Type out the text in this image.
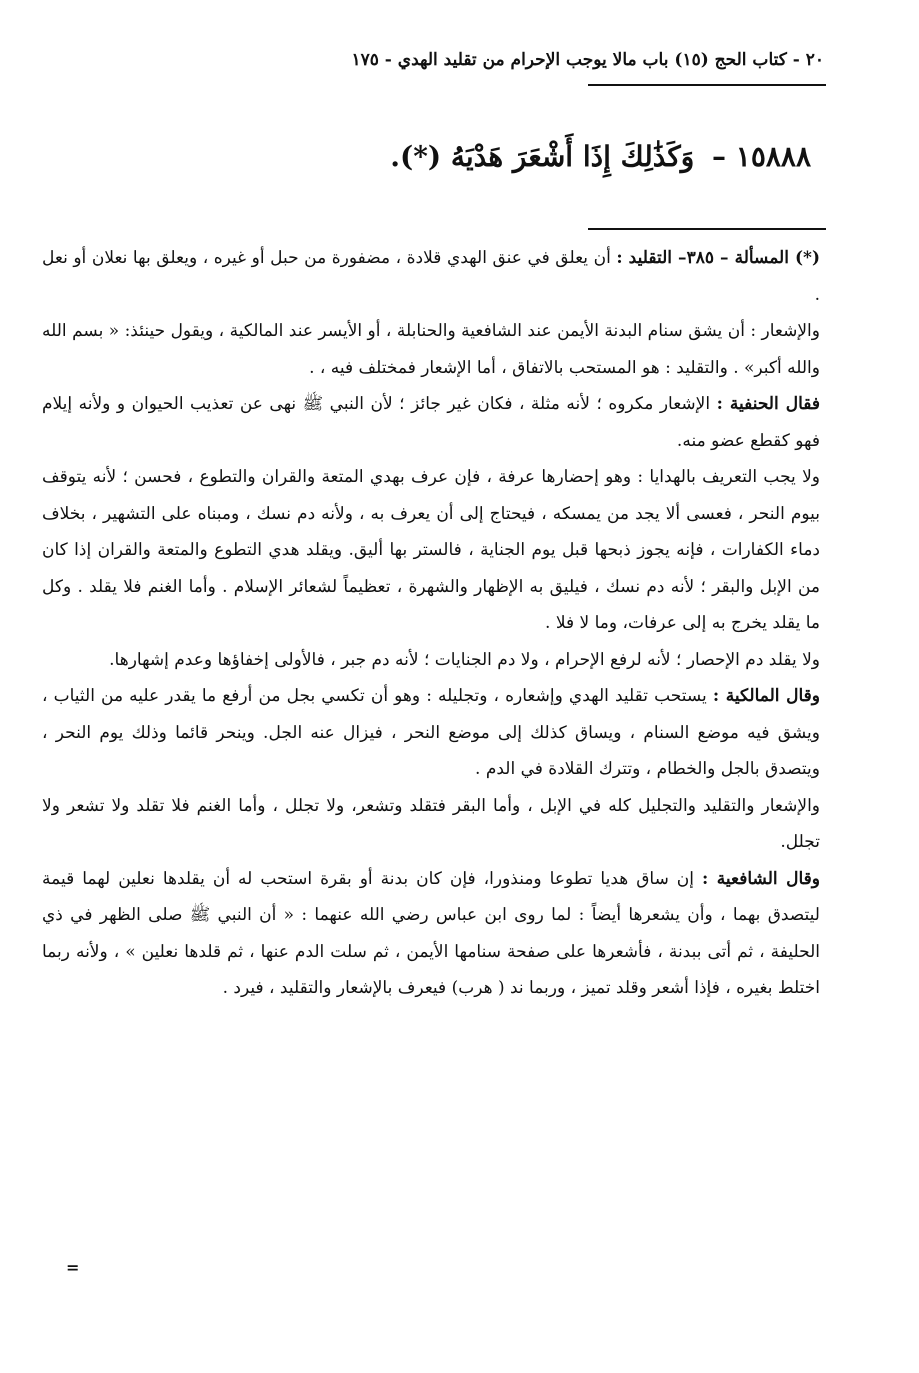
٢٠ - كتاب الحج (١٥) باب مالا يوجب الإحرام من تقليد الهدي - ١٧٥
١٥٨٨٨ – وَكَذَٰلِكَ إِذَا أَشْعَرَ هَدْيَهُ (*).

(*) المسألة – ٣٨٥– التقليد : أن يعلق في عنق الهدي قلادة ، مضفورة من حبل أو غيره ، ويعلق بها نعلان أو نعل .

والإشعار : أن يشق سنام البدنة الأيمن عند الشافعية والحنابلة ، أو الأيسر عند المالكية ، ويقول حينئذ: « بسم الله والله أكبر» . والتقليد : هو المستحب بالاتفاق ، أما الإشعار فمختلف فيه ، .

فقال الحنفية : الإشعار مكروه ؛ لأنه مثلة ، فكان غير جائز ؛ لأن النبي ﷺ نهى عن تعذيب الحيوان و ولأنه إيلام فهو كقطع عضو منه.

ولا يجب التعريف بالهدايا : وهو إحضارها عرفة ، فإن عرف بهدي المتعة والقران والتطوع ، فحسن ؛ لأنه يتوقف بيوم النحر ، فعسى ألا يجد من يمسكه ، فيحتاج إلى أن يعرف به ، ولأنه دم نسك ، ومبناه على التشهير ، بخلاف دماء الكفارات ، فإنه يجوز ذبحها قبل يوم الجناية ، فالستر بها أليق. ويقلد هدي التطوع والمتعة والقران إذا كان من الإبل والبقر ؛ لأنه دم نسك ، فيليق به الإظهار والشهرة ، تعظيماً لشعائر الإسلام . وأما الغنم فلا يقلد . وكل ما يقلد يخرج به إلى عرفات، وما لا فلا .

ولا يقلد دم الإحصار ؛ لأنه لرفع الإحرام ، ولا دم الجنايات ؛ لأنه دم جبر ، فالأولى إخفاؤها وعدم إشهارها.

وقال المالكية : يستحب تقليد الهدي وإشعاره ، وتجليله : وهو أن تكسي بجل من أرفع ما يقدر عليه من الثياب ، ويشق فيه موضع السنام ، ويساق كذلك إلى موضع النحر ، فيزال عنه الجل. وينحر قائما وذلك يوم النحر ، ويتصدق بالجل والخطام ، وتترك القلادة في الدم .

والإشعار والتقليد والتجليل كله في الإبل ، وأما البقر فتقلد وتشعر، ولا تجلل ، وأما الغنم فلا تقلد ولا تشعر ولا تجلل.

وقال الشافعية : إن ساق هديا تطوعا ومنذورا، فإن كان بدنة أو بقرة استحب له أن يقلدها نعلين لهما قيمة ليتصدق بهما ، وأن يشعرها أيضاً : لما روى ابن عباس رضي الله عنهما : « أن النبي ﷺ صلى الظهر في ذي الحليفة ، ثم أتى ببدنة ، فأشعرها على صفحة سنامها الأيمن ، ثم سلت الدم عنها ، ثم قلدها نعلين » ، ولأنه ربما اختلط بغيره ، فإذا أشعر وقلد تميز ، وربما ند ( هرب) فيعرف بالإشعار والتقليد ، فيرد .

=
